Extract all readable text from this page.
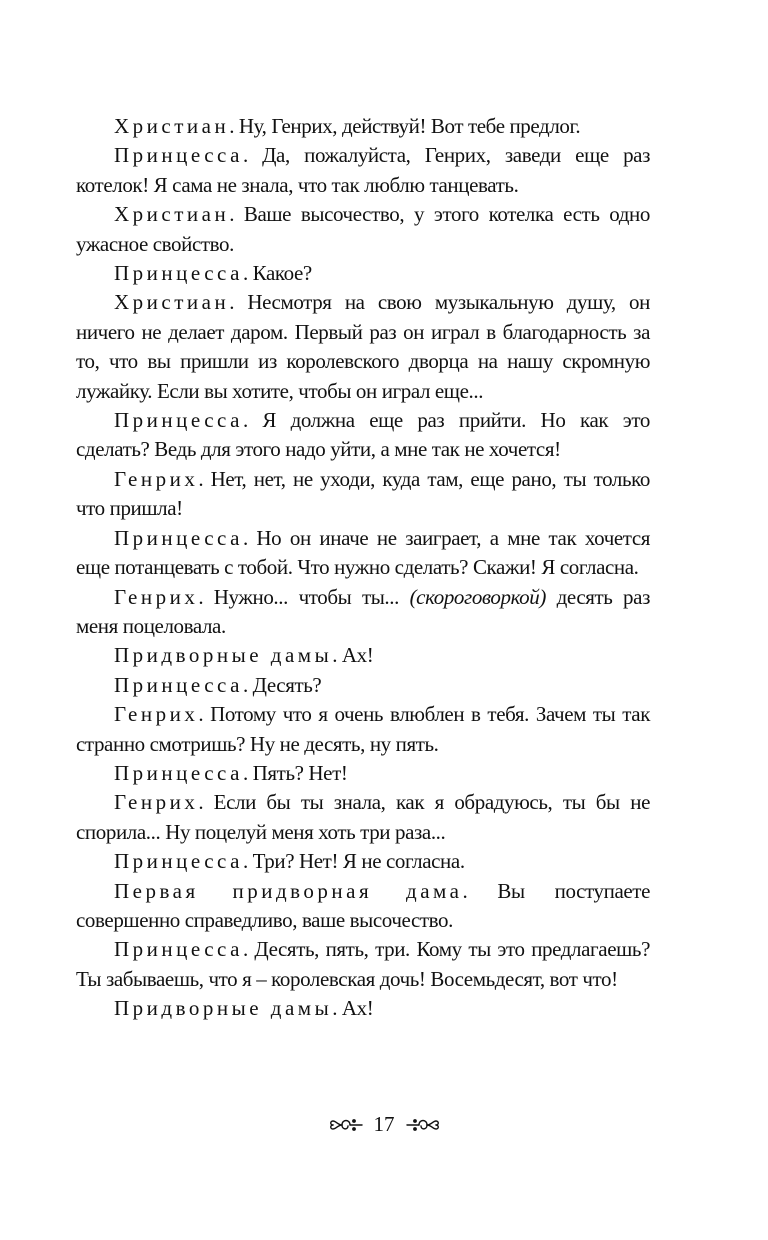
Христиан. Ну, Генрих, действуй! Вот тебе предлог.

Принцесса. Да, пожалуйста, Генрих, заведи еще раз котелок! Я сама не знала, что так люблю танцевать.

Христиан. Ваше высочество, у этого котелка есть одно ужасное свойство.

Принцесса. Какое?

Христиан. Несмотря на свою музыкальную душу, он ничего не делает даром. Первый раз он играл в благодарность за то, что вы пришли из королевского дворца на нашу скромную лужайку. Если вы хотите, чтобы он играл еще...

Принцесса. Я должна еще раз прийти. Но как это сделать? Ведь для этого надо уйти, а мне так не хочется!

Генрих. Нет, нет, не уходи, куда там, еще рано, ты только что пришла!

Принцесса. Но он иначе не заиграет, а мне так хочется еще потанцевать с тобой. Что нужно сделать? Скажи! Я согласна.

Генрих. Нужно... чтобы ты... (скороговоркой) десять раз меня поцеловала.

Придворные дамы. Ах!

Принцесса. Десять?

Генрих. Потому что я очень влюблен в тебя. Зачем ты так странно смотришь? Ну не десять, ну пять.

Принцесса. Пять? Нет!

Генрих. Если бы ты знала, как я обрадуюсь, ты бы не спорила... Ну поцелуй меня хоть три раза...

Принцесса. Три? Нет! Я не согласна.

Первая придворная дама. Вы поступаете совершенно справедливо, ваше высочество.

Принцесса. Десять, пять, три. Кому ты это предлагаешь? Ты забываешь, что я – королевская дочь! Восемьдесят, вот что!

Придворные дамы. Ах!

17
